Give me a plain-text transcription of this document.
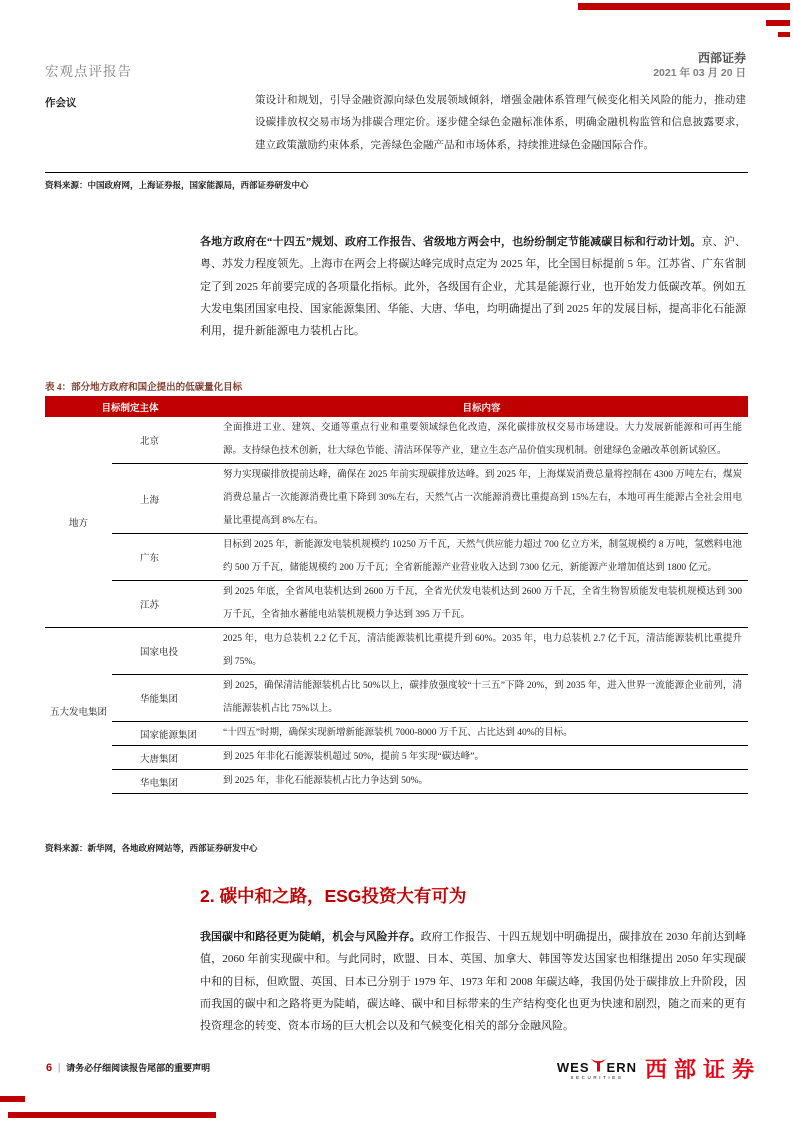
宏观点评报告
西部证券
2021 年 03 月 20 日
作会议	策设计和规划，引导金融资源向绿色发展领域倾斜，增强金融体系管理气候变化相关风险的能力，推动建设碳排放权交易市场为排碳合理定价。逐步健全绿色金融标准体系，明确金融机构监管和信息披露要求，建立政策激励约束体系，完善绿色金融产品和市场体系，持续推进绿色金融国际合作。
资料来源：中国政府网，上海证券报，国家能源局，西部证券研发中心
各地方政府在“十四五”规划、政府工作报告、省级地方两会中，也纷纷制定节能减碳目标和行动计划。京、沪、粤、苏发力程度领先。上海市在两会上将碳达峰完成时点定为 2025 年，比全国目标提前 5 年。江苏省、广东省制定了到 2025 年前要完成的各项量化指标。此外，各级国有企业，尤其是能源行业，也开始发力低碳改革。例如五大发电集团国家电投、国家能源集团、华能、大唐、华电，均明确提出了到 2025 年的发展目标，提高非化石能源利用，提升新能源电力装机占比。
表 4：部分地方政府和国企提出的低碳量化目标
目标制定主体		目标内容
地方	北京	全面推进工业、建筑、交通等重点行业和重要领域绿色化改造，深化碳排放权交易市场建设。大力发展新能源和可再生能源。支持绿色技术创新，壮大绿色节能、清洁环保等产业，建立生态产品价值实现机制。创建绿色金融改革创新试验区。
	上海	努力实现碳排放提前达峰，确保在 2025 年前实现碳排放达峰。到 2025 年，上海煤炭消费总量将控制在 4300 万吨左右，煤炭消费总量占一次能源消费比重下降到 30%左右，天然气占一次能源消费比重提高到 15%左右，本地可再生能源占全社会用电量比重提高到 8%左右。
	广东	目标到 2025 年，新能源发电装机规模约 10250 万千瓦，天然气供应能力超过 700 亿立方米，制氢规模约 8 万吨，氢燃料电池约 500 万千瓦，储能规模约 200 万千瓦；全省新能源产业营业收入达到 7300 亿元，新能源产业增加值达到 1800 亿元。
	江苏	到 2025 年底，全省风电装机达到 2600 万千瓦，全省光伏发电装机达到 2600 万千瓦，全省生物智质能发电装机规模达到 300 万千瓦，全省抽水蓄能电站装机规模力争达到 395 万千瓦。
五大发电集团	国家电投	2025 年，电力总装机 2.2 亿千瓦，清洁能源装机比重提升到 60%。2035 年，电力总装机 2.7 亿千瓦，清洁能源装机比重提升到 75%。
	华能集团	到 2025，确保清洁能源装机占比 50%以上，碳排放强度较“十三五”下降 20%，到 2035 年，进入世界一流能源企业前列，清洁能源装机占比 75%以上。
	国家能源集团	“十四五”时期，确保实现新增新能源装机 7000-8000 万千瓦、占比达到 40%的目标。
	大唐集团	到 2025 年非化石能源装机超过 50%，提前 5 年实现“碳达峰”。
	华电集团	到 2025 年，非化石能源装机占比力争达到 50%。
资料来源：新华网，各地政府网站等，西部证券研发中心
2. 碳中和之路，ESG投资大有可为
我国碳中和路径更为陡峭，机会与风险并存。政府工作报告、十四五规划中明确提出，碳排放在 2030 年前达到峰值，2060 年前实现碳中和。与此同时，欧盟、日本、英国、加拿大、韩国等发达国家也相继提出 2050 年实现碳中和的目标，但欧盟、英国、日本已分别于 1979 年、1973 年和 2008 年碳达峰，我国仍处于碳排放上升阶段，因而我国的碳中和之路将更为陡峭，碳达峰、碳中和目标带来的生产结构变化也更为快速和剧烈，随之而来的更有投资理念的转变、资本市场的巨大机会以及和气候变化相关的部分金融风险。
6 | 请务必仔细阅读报告尾部的重要声明	WES ERN
SECURITIES 西部证券
